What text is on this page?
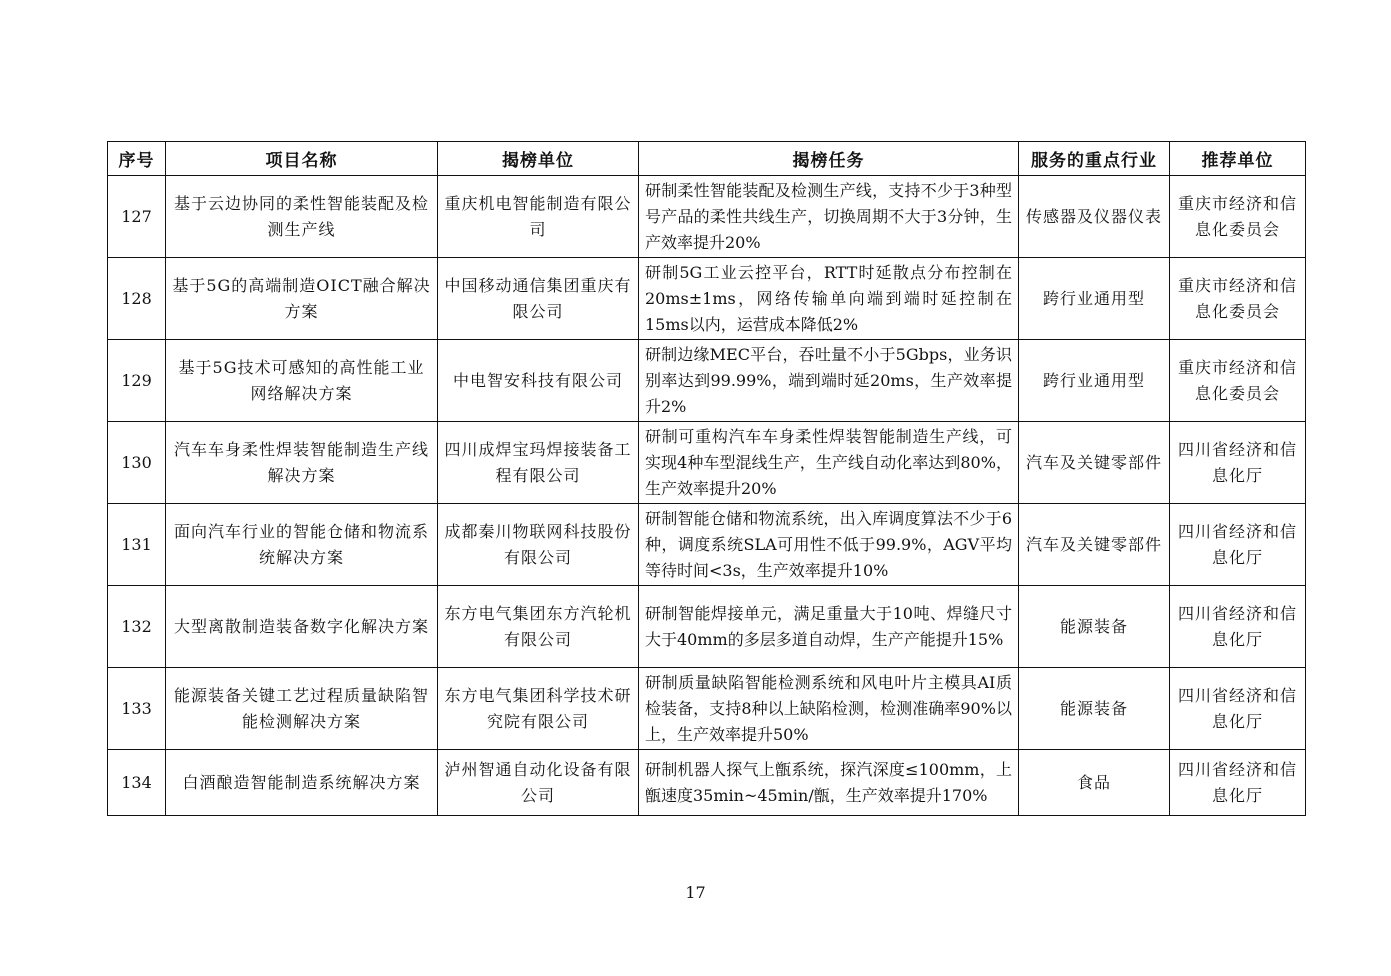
序号	项目名称	揭榜单位	揭榜任务	服务的重点行业	推荐单位
127	基于云边协同的柔性智能装配及检测生产线	重庆机电智能制造有限公司	研制柔性智能装配及检测生产线，支持不少于3种型号产品的柔性共线生产，切换周期不大于3分钟，生产效率提升20%	传感器及仪器仪表	重庆市经济和信息化委员会
128	基于5G的高端制造OICT融合解决方案	中国移动通信集团重庆有限公司	研制5G工业云控平台，RTT时延散点分布控制在20ms±1ms，网络传输单向端到端时延控制在15ms以内，运营成本降低2%	跨行业通用型	重庆市经济和信息化委员会
129	基于5G技术可感知的高性能工业网络解决方案	中电智安科技有限公司	研制边缘MEC平台，吞吐量不小于5Gbps，业务识别率达到99.99%，端到端时延20ms，生产效率提升2%	跨行业通用型	重庆市经济和信息化委员会
130	汽车车身柔性焊装智能制造生产线解决方案	四川成焊宝玛焊接装备工程有限公司	研制可重构汽车车身柔性焊装智能制造生产线，可实现4种车型混线生产，生产线自动化率达到80%，生产效率提升20%	汽车及关键零部件	四川省经济和信息化厅
131	面向汽车行业的智能仓储和物流系统解决方案	成都秦川物联网科技股份有限公司	研制智能仓储和物流系统，出入库调度算法不少于6种，调度系统SLA可用性不低于99.9%，AGV平均等待时间<3s，生产效率提升10%	汽车及关键零部件	四川省经济和信息化厅
132	大型离散制造装备数字化解决方案	东方电气集团东方汽轮机有限公司	研制智能焊接单元，满足重量大于10吨、焊缝尺寸大于40mm的多层多道自动焊，生产产能提升15%	能源装备	四川省经济和信息化厅
133	能源装备关键工艺过程质量缺陷智能检测解决方案	东方电气集团科学技术研究院有限公司	研制质量缺陷智能检测系统和风电叶片主模具AI质检装备，支持8种以上缺陷检测，检测准确率90%以上，生产效率提升50%	能源装备	四川省经济和信息化厅
134	白酒酿造智能制造系统解决方案	泸州智通自动化设备有限公司	研制机器人探气上甑系统，探汽深度≤100mm，上甑速度35min~45min/甑，生产效率提升170%	食品	四川省经济和信息化厅
17
